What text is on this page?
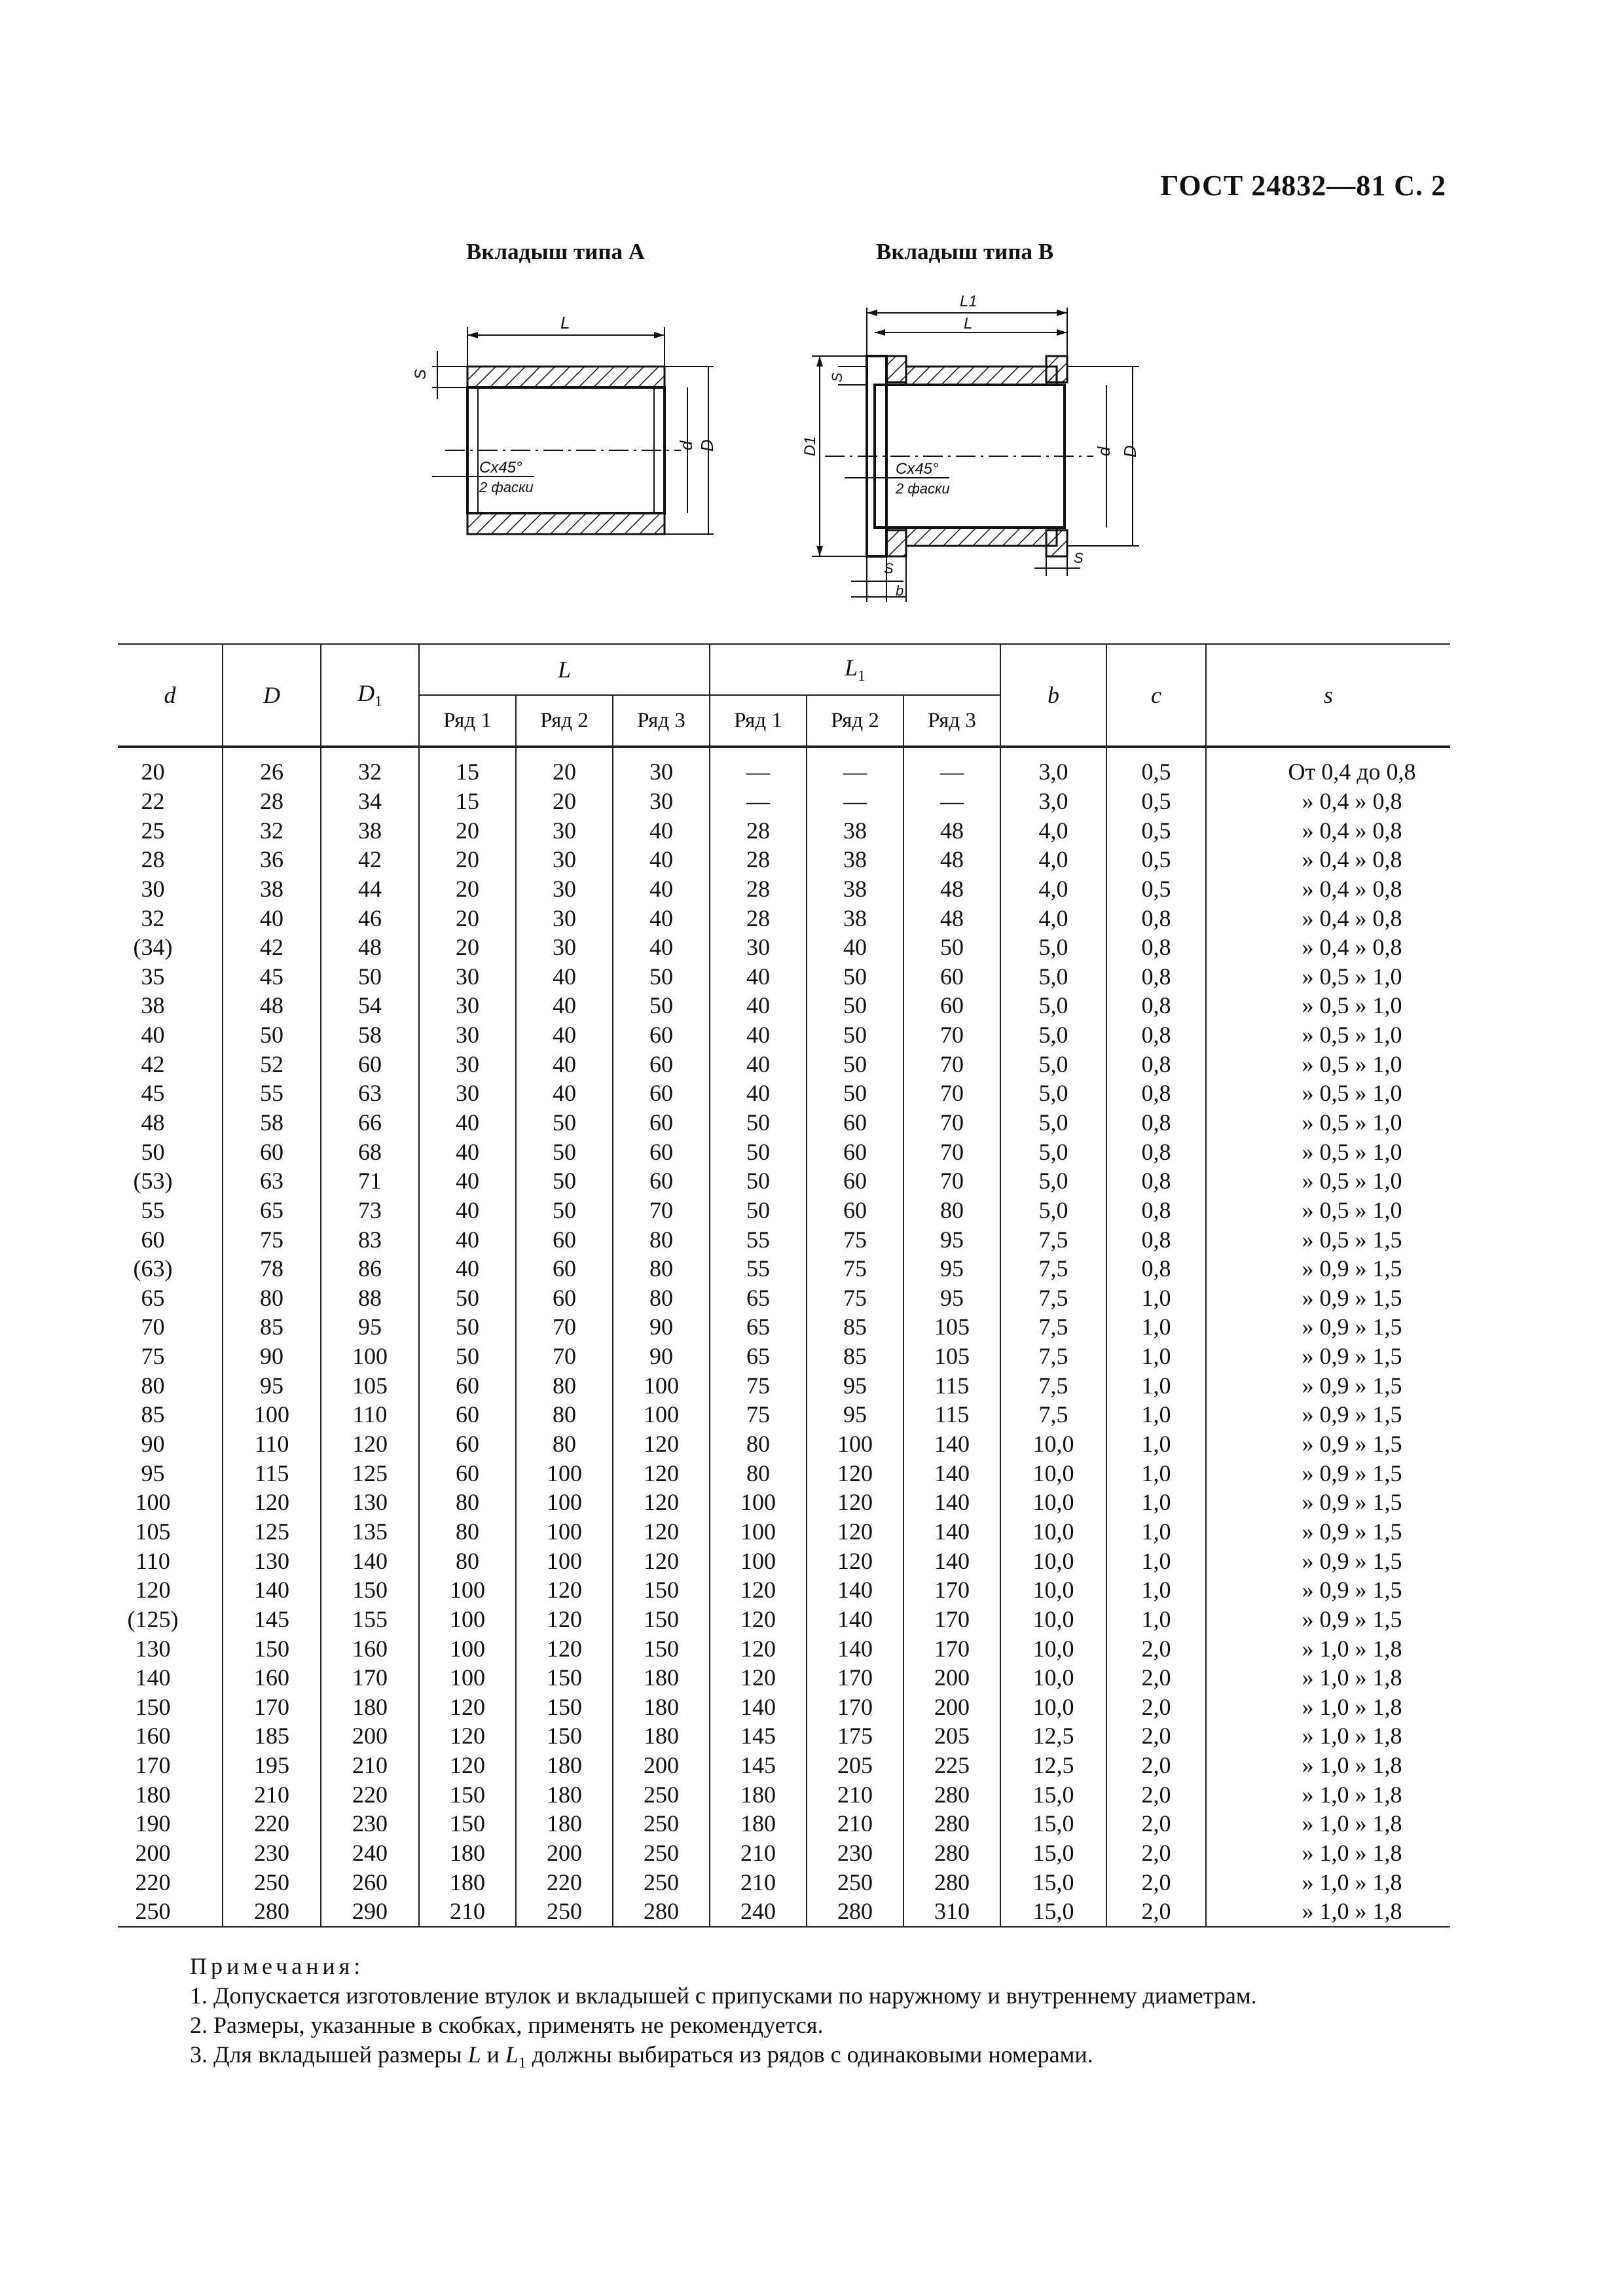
ГОСТ 24832—81 С. 2
Вкладыш типа А	Вкладыш типа В
L
S
d D
Сх45°
2 фаски
L1
L
S
D1	d D
Сх45°
2 фаски
S
b
S
d	D	$D_1$	L			$L_1$			b	c	s
			Ряд 1	Ряд 2	Ряд 3	Ряд 1	Ряд 2	Ряд 3			
20	26	32	15	20	30	—	—	—	3,0	0,5	От 0,4 до 0,8
22	28	34	15	20	30	—	—	—	3,0	0,5	» 0,4 » 0,8
25	32	38	20	30	40	28	38	48	4,0	0,5	» 0,4 » 0,8
28	36	42	20	30	40	28	38	48	4,0	0,5	» 0,4 » 0,8
30	38	44	20	30	40	28	38	48	4,0	0,5	» 0,4 » 0,8
32	40	46	20	30	40	28	38	48	4,0	0,8	» 0,4 » 0,8
(34)	42	48	20	30	40	30	40	50	5,0	0,8	» 0,4 » 0,8
35	45	50	30	40	50	40	50	60	5,0	0,8	» 0,5 » 1,0
38	48	54	30	40	50	40	50	60	5,0	0,8	» 0,5 » 1,0
40	50	58	30	40	60	40	50	70	5,0	0,8	» 0,5 » 1,0
42	52	60	30	40	60	40	50	70	5,0	0,8	» 0,5 » 1,0
45	55	63	30	40	60	40	50	70	5,0	0,8	» 0,5 » 1,0
48	58	66	40	50	60	50	60	70	5,0	0,8	» 0,5 » 1,0
50	60	68	40	50	60	50	60	70	5,0	0,8	» 0,5 » 1,0
(53)	63	71	40	50	60	50	60	70	5,0	0,8	» 0,5 » 1,0
55	65	73	40	50	70	50	60	80	5,0	0,8	» 0,5 » 1,0
60	75	83	40	60	80	55	75	95	7,5	0,8	» 0,5 » 1,5
(63)	78	86	40	60	80	55	75	95	7,5	0,8	» 0,9 » 1,5
65	80	88	50	60	80	65	75	95	7,5	1,0	» 0,9 » 1,5
70	85	95	50	70	90	65	85	105	7,5	1,0	» 0,9 » 1,5
75	90	100	50	70	90	65	85	105	7,5	1,0	» 0,9 » 1,5
80	95	105	60	80	100	75	95	115	7,5	1,0	» 0,9 » 1,5
85	100	110	60	80	100	75	95	115	7,5	1,0	» 0,9 » 1,5
90	110	120	60	80	120	80	100	140	10,0	1,0	» 0,9 » 1,5
95	115	125	60	100	120	80	120	140	10,0	1,0	» 0,9 » 1,5
100	120	130	80	100	120	100	120	140	10,0	1,0	» 0,9 » 1,5
105	125	135	80	100	120	100	120	140	10,0	1,0	» 0,9 » 1,5
110	130	140	80	100	120	100	120	140	10,0	1,0	» 0,9 » 1,5
120	140	150	100	120	150	120	140	170	10,0	1,0	» 0,9 » 1,5
(125)	145	155	100	120	150	120	140	170	10,0	1,0	» 0,9 » 1,5
130	150	160	100	120	150	120	140	170	10,0	2,0	» 1,0 » 1,8
140	160	170	100	150	180	120	170	200	10,0	2,0	» 1,0 » 1,8
150	170	180	120	150	180	140	170	200	10,0	2,0	» 1,0 » 1,8
160	185	200	120	150	180	145	175	205	12,5	2,0	» 1,0 » 1,8
170	195	210	120	180	200	145	205	225	12,5	2,0	» 1,0 » 1,8
180	210	220	150	180	250	180	210	280	15,0	2,0	» 1,0 » 1,8
190	220	230	150	180	250	180	210	280	15,0	2,0	» 1,0 » 1,8
200	230	240	180	200	250	210	230	280	15,0	2,0	» 1,0 » 1,8
220	250	260	180	220	250	210	250	280	15,0	2,0	» 1,0 » 1,8
250	280	290	210	250	280	240	280	310	15,0	2,0	» 1,0 » 1,8
Примечания:
1. Допускается изготовление втулок и вкладышей с припусками по наружному и внутреннему диаметрам.
2. Размеры, указанные в скобках, применять не рекомендуется.
3. Для вкладышей размеры L и $L_1$ должны выбираться из рядов с одинаковыми номерами.
